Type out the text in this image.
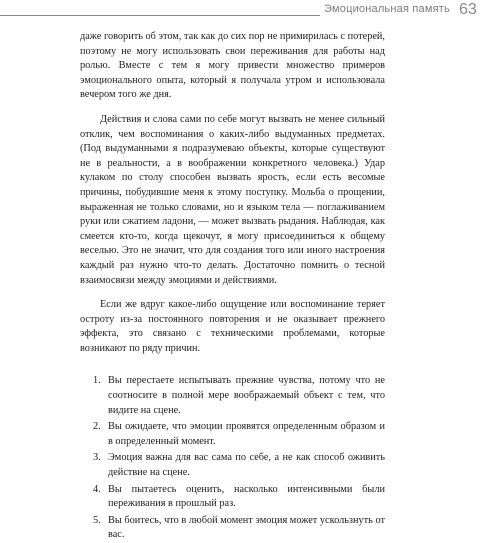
Эмоциональная память 63

даже говорить об этом, так как до сих пор не примирилась с потерей, поэтому не могу использовать свои переживания для работы над ролью. Вместе с тем я могу привести множество примеров эмоционального опыта, который я получала утром и использовала вечером того же дня.

Действия и слова сами по себе могут вызвать не менее сильный отклик, чем воспоминания о каких-либо выдуманных предметах. (Под выдуманными я подразумеваю объекты, которые существуют не в реальности, а в воображении конкретного человека.) Удар кулаком по столу способен вызвать ярость, если есть весомые причины, побудившие меня к этому поступку. Мольба о прощении, выраженная не только словами, но и языком тела — поглаживанием руки или сжатием ладони, — может вызвать рыдания. Наблюдая, как смеется кто-то, когда щекочут, я могу присоединиться к общему веселью. Это не значит, что для создания того или иного настроения каждый раз нужно что-то делать. Достаточно помнить о тесной взаимосвязи между эмоциями и действиями.

Если же вдруг какое-либо ощущение или воспоминание теряет остроту из-за постоянного повторения и не оказывает прежнего эффекта, это связано с техническими проблемами, которые возникают по ряду причин.

1. Вы перестаете испытывать прежние чувства, потому что не соотносите в полной мере воображаемый объект с тем, что видите на сцене.
2. Вы ожидаете, что эмоции проявятся определенным образом и в определенный момент.
3. Эмоция важна для вас сама по себе, а не как способ оживить действие на сцене.
4. Вы пытаетесь оценить, насколько интенсивными были переживания в прошлый раз.
5. Вы боитесь, что в любой момент эмоция может ускользнуть от вас.
